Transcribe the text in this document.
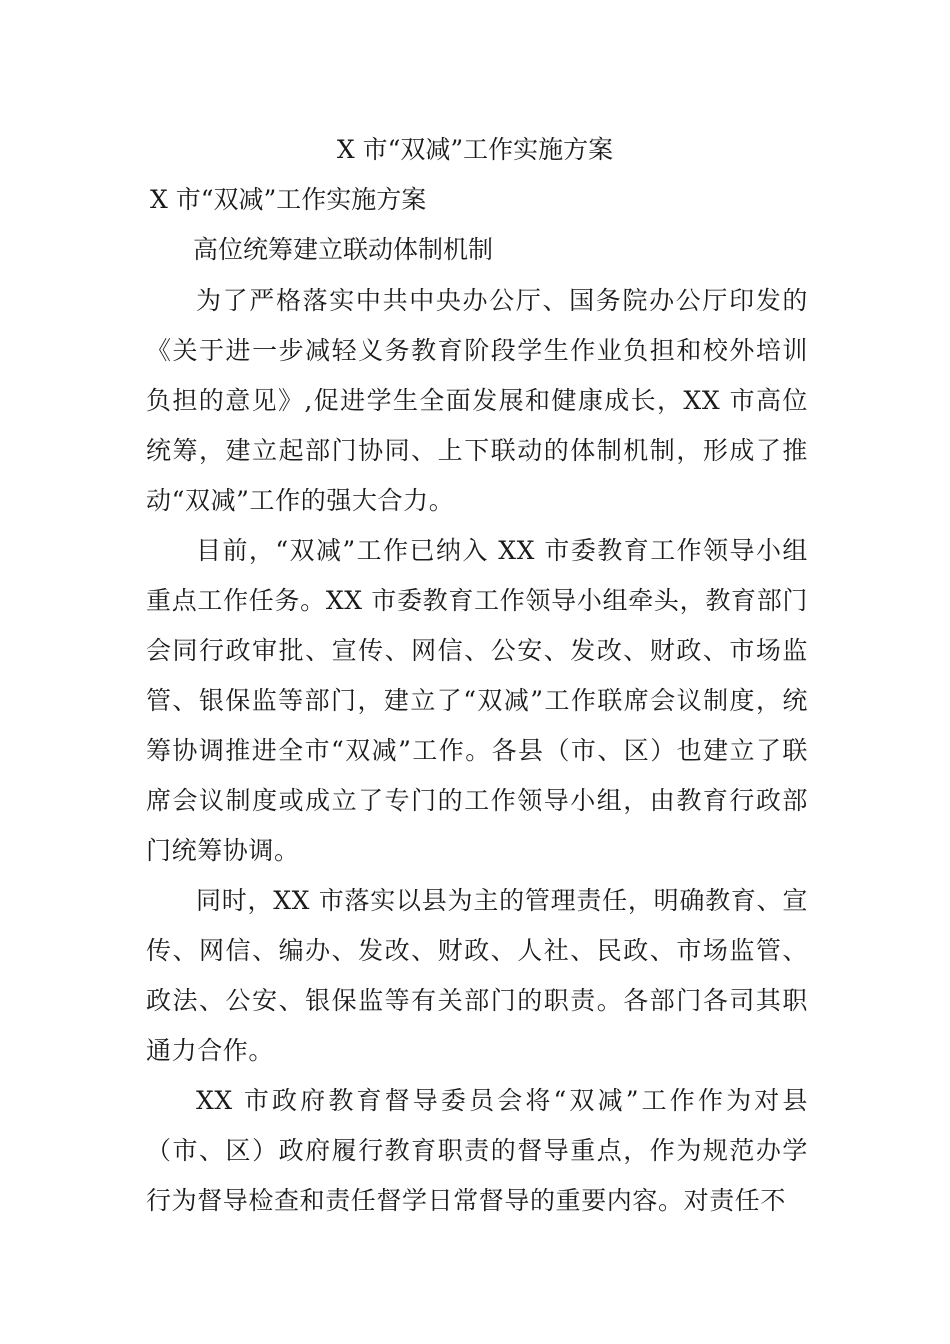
X 市“双减”工作实施方案
X 市“双减”工作实施方案
高位统筹建立联动体制机制

为了严格落实中共中央办公厅、国务院办公厅印发的《关于进一步减轻义务教育阶段学生作业负担和校外培训负担的意见》,促进学生全面发展和健康成长，XX 市高位统筹，建立起部门协同、上下联动的体制机制，形成了推动“双减”工作的强大合力。

目前，“双减”工作已纳入 XX 市委教育工作领导小组重点工作任务。XX 市委教育工作领导小组牵头，教育部门会同行政审批、宣传、网信、公安、发改、财政、市场监管、银保监等部门，建立了“双减”工作联席会议制度，统筹协调推进全市“双减”工作。各县（市、区）也建立了联席会议制度或成立了专门的工作领导小组，由教育行政部门统筹协调。

同时，XX 市落实以县为主的管理责任，明确教育、宣传、网信、编办、发改、财政、人社、民政、市场监管、政法、公安、银保监等有关部门的职责。各部门各司其职通力合作。

XX 市政府教育督导委员会将“双减”工作作为对县（市、区）政府履行教育职责的督导重点，作为规范办学行为督导检查和责任督学日常督导的重要内容。对责任不
